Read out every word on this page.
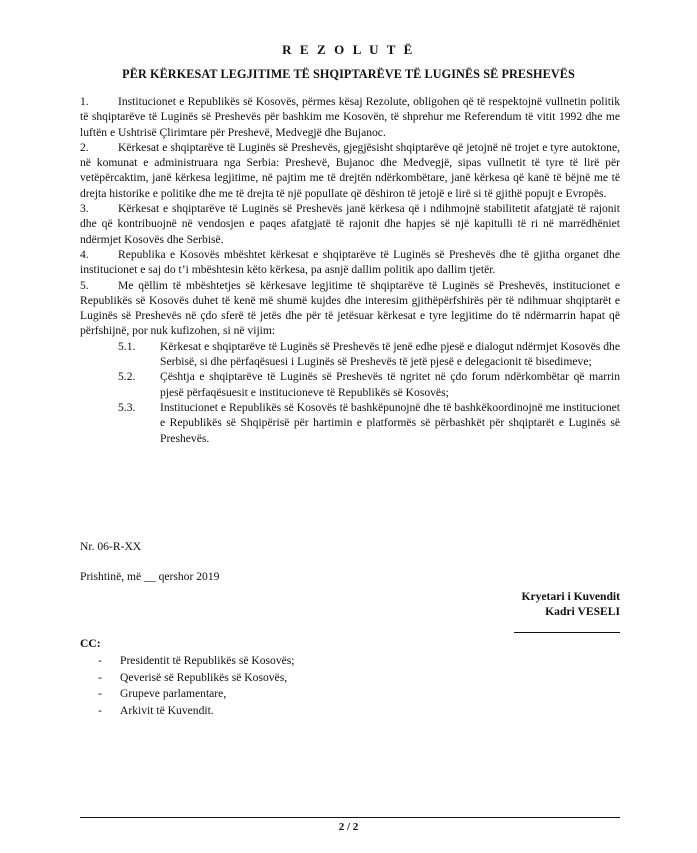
R E Z O L U T Ë
PËR KËRKESAT LEGJITIME TË SHQIPTARËVE TË LUGINËS SË PRESHEVËS

1.	Institucionet e Republikës së Kosovës, përmes kësaj Rezolute, obligohen që të respektojnë vullnetin politik të shqiptarëve të Luginës së Preshevës për bashkim me Kosovën, të shprehur me Referendum të vitit 1992 dhe me luftën e Ushtrisë Çlirimtare për Preshevë, Medvegjë dhe Bujanoc.

2.	Kërkesat e shqiptarëve të Luginës së Preshevës, gjegjësisht shqiptarëve që jetojnë në trojet e tyre autoktone, në komunat e administruara nga Serbia: Preshevë, Bujanoc dhe Medvegjë, sipas vullnetit të tyre të lirë për vetëpërcaktim, janë kërkesa legjitime, në pajtim me të drejtën ndërkombëtare, janë kërkesa që kanë të bëjnë me të drejta historike e politike dhe me të drejta të një popullate që dëshiron të jetojë e lirë si të gjithë popujt e Evropës.

3.	Kërkesat e shqiptarëve të Luginës së Preshevës janë kërkesa që i ndihmojnë stabilitetit afatgjatë të rajonit dhe që kontribuojnë në vendosjen e paqes afatgjatë të rajonit dhe hapjes së një kapitulli të ri në marrëdhëniet ndërmjet Kosovës dhe Serbisë.

4.	Republika e Kosovës mbështet kërkesat e shqiptarëve të Luginës së Preshevës dhe të gjitha organet dhe institucionet e saj do t’i mbështesin këto kërkesa, pa asnjë dallim politik apo dallim tjetër.

5.	Me qëllim të mbështetjes së kërkesave legjitime të shqiptarëve të Luginës së Preshevës, institucionet e Republikës së Kosovës duhet të kenë më shumë kujdes dhe interesim gjithëpërfshirës për të ndihmuar shqiptarët e Luginës së Preshevës në çdo sferë të jetës dhe për të jetësuar kërkesat e tyre legjitime do të ndërmarrin hapat që përfshijnë, por nuk kufizohen, si në vijim:

5.1.	Kërkesat e shqiptarëve të Luginës së Preshevës të jenë edhe pjesë e dialogut ndërmjet Kosovës dhe Serbisë, si dhe përfaqësuesi i Luginës së Preshevës të jetë pjesë e delegacionit të bisedimeve;
5.2.	Çështja e shqiptarëve të Luginës së Preshevës të ngritet në çdo forum ndërkombëtar që marrin pjesë përfaqësuesit e institucioneve të Republikës së Kosovës;
5.3.	Institucionet e Republikës së Kosovës të bashkëpunojnë dhe të bashkëkoordinojnë me institucionet e Republikës së Shqipërisë për hartimin e platformës së përbashkët për shqiptarët e Luginës së Preshevës.
Nr. 06-R-XX
Prishtinë, më __ qershor 2019
Kryetari i Kuvendit
Kadri VESELI
CC:
- Presidentit të Republikës së Kosovës;
- Qeverisë së Republikës së Kosovës,
- Grupeve parlamentare,
- Arkivit të Kuvendit.
2 / 2
